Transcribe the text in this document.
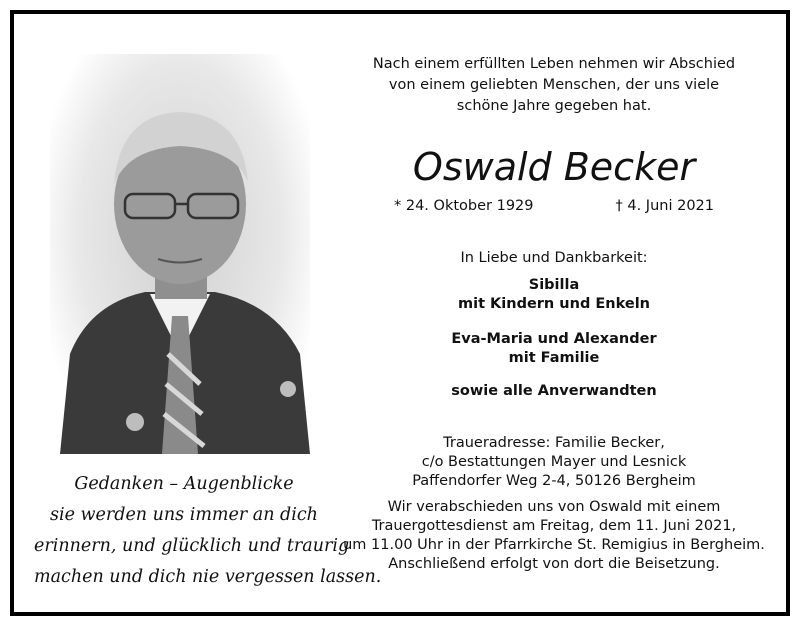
Gedanken – Augenblicke
sie werden uns immer an dich
erinnern, und glücklich und traurig
machen und dich nie vergessen lassen.
Nach einem erfüllten Leben nehmen wir Abschied
von einem geliebten Menschen, der uns viele
schöne Jahre gegeben hat.
Oswald Becker
* 24. Oktober 1929	† 4. Juni 2021
In Liebe und Dankbarkeit:
Sibilla
mit Kindern und Enkeln
Eva-Maria und Alexander
mit Familie
sowie alle Anverwandten
Traueradresse: Familie Becker,
c/o Bestattungen Mayer und Lesnick
Paffendorfer Weg 2-4, 50126 Bergheim
Wir verabschieden uns von Oswald mit einem
Trauergottesdienst am Freitag, dem 11. Juni 2021,
um 11.00 Uhr in der Pfarrkirche St. Remigius in Bergheim.
Anschließend erfolgt von dort die Beisetzung.
